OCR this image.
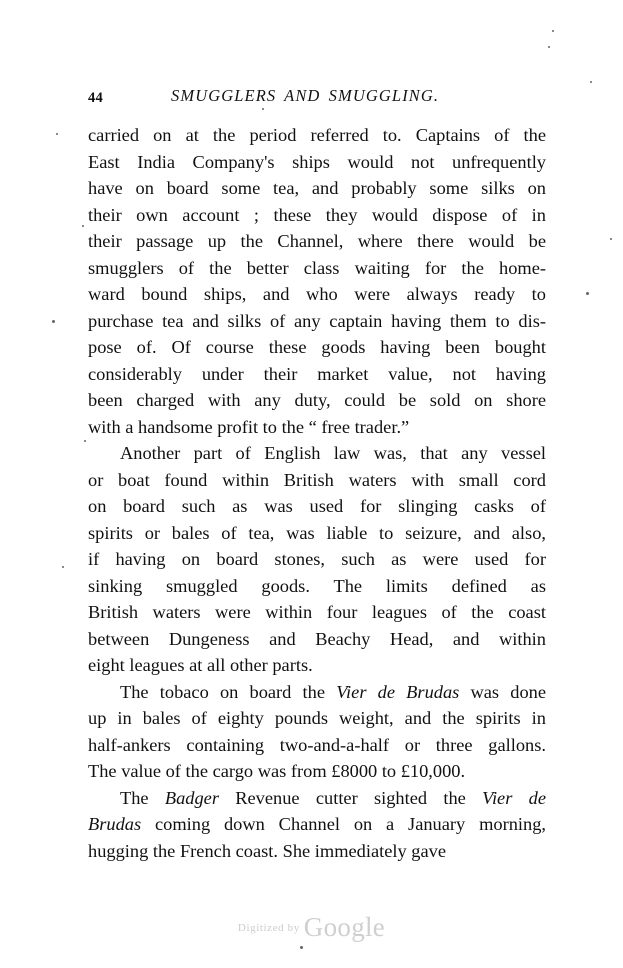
44	SMUGGLERS AND SMUGGLING.

carried on at the period referred to. Captains of the
East India Company's ships would not unfrequently
have on board some tea, and probably some silks on
their own account ; these they would dispose of in
their passage up the Channel, where there would be
smugglers of the better class waiting for the home-
ward bound ships, and who were always ready to
purchase tea and silks of any captain having them to dis-
pose of. Of course these goods having been bought
considerably under their market value, not having
been charged with any duty, could be sold on shore
with a handsome profit to the “ free trader.”

Another part of English law was, that any vessel
or boat found within British waters with small cord
on board such as was used for slinging casks of
spirits or bales of tea, was liable to seizure, and also,
if having on board stones, such as were used for
sinking smuggled goods. The limits defined as
British waters were within four leagues of the coast
between Dungeness and Beachy Head, and within
eight leagues at all other parts.

The tobaco on board the Vier de Brudas was done
up in bales of eighty pounds weight, and the spirits in
half-ankers containing two-and-a-half or three gallons.
The value of the cargo was from £8000 to £10,000.

The Badger Revenue cutter sighted the Vier de
Brudas coming down Channel on a January morning,
hugging the French coast. She immediately gave

$^{Digitized by}$ Google
